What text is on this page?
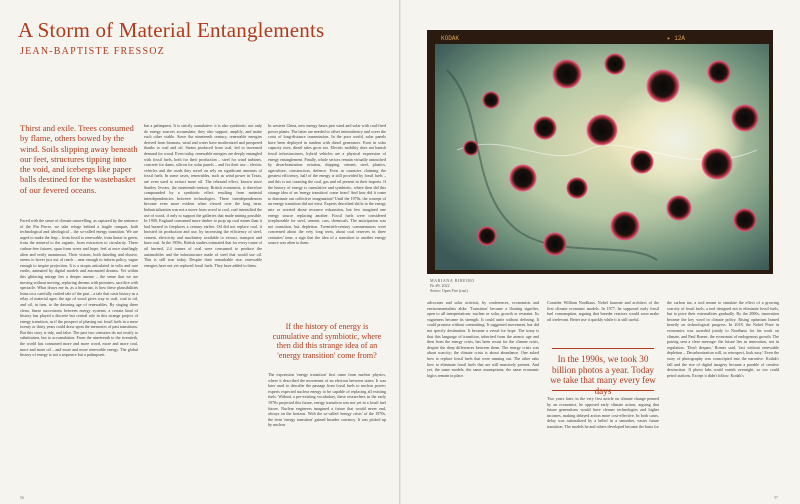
A Storm of Material Entanglements
JEAN-BAPTISTE FRESSOZ
Thirst and exile. Trees consumed by flame, others bowed by the wind. Soils slipping away beneath our feet, structures tipping into the void, and icebergs like paper balls destined for the wastebasket of our fevered oceans.
Faced with the sense of climate unravelling, as captured by the sentence of the Pin Pierre, we take refuge behind a fragile rampart, both technological and ideological – the so-called energy transition. We are urged to make the leap – from fossil to renewable, from linear to green, from the mineral to the organic, from extraction to circularity. These carbon-free futures, spun from wires and hope, feel at once startlingly alien and eerily unanimous. Their visions, both dazzling and elusive, seems to hover just out of reach – near enough to inform policy, vague enough to inspire projection. It is a utopia articulated in volts and rare earths, animated by digital models and automated dreams. Yet within this glittering mirage lies a deeper unease – the sense that we are moving without moving, replacing dreams with promises, sacrifice with spectacle. What draws me in, as a historian, is how these plausibilities leans on a carefully crafted tale of the past – a tale that casts history as a relay of material ages: the age of wood gives way to coal, coal to oil, and oil, in turn, to the dawning age of renewables. By staging these clean, linear successions between energy systems, a certain kind of history has played a discrete but central role in this strange project of energy transition, as if the prospect of phasing out fossil fuels in a mere twenty or thirty years could draw upon the memories of past transitions. But this story is tidy, and false. The past two centuries do not testify to substitution, but to accumulation. From the nineteenth to the twentieth, the world has consumed more and more wood, more and more coal, more and more oil – and more and more renewable energy. The global history of energy is not a sequence but a palimpsest.
but a palimpsest. It is strictly cumulative: it is also symbiotic: not only do energy sources accumulate, they also support, amplify, and make each other viable. Since the nineteenth century, renewable energies derived from biomass, wind and water have modernized and prospered thanks to coal and oil. Steam produced from coal, fed to increased demand for wood. Even today, renewable energies are deeply entangled with fossil fuels, both for their production – steel for wind turbines, concrete for dams, silicon for solar panels – and for their use – electric vehicles and the roads they travel on rely on significant amounts of fossil fuels. In some cases, renewables, such as wind power in Texas, are even used to extract more oil. The rebound effect, known since Stanley Jevons, the nineteenth-century British economist, is therefore compounded by a symbiotic effect resulting from material interdependencies between technologies. These interdependencies become even more evident when viewed over the long term. Industrialization was not a move from wood to coal, coal intensified the use of wood, if only to support the galleries that made mining possible. In 1900, England consumed more timber to prop up coal mines than it had burned in fireplaces a century earlier. Oil did not replace coal, it boosted its production and use, by increasing the efficiency of steel, cement, electricity and machinery available to extract, transport and burn coal. In the 1950s, British studies estimated that for every tonne of oil burned, 2.4 tonnes of coal were consumed to produce the automobiles and the infrastructure made of steel that would use oil. This is still true today. Despite their remarkable rise, renewable energies have not yet replaced fossil fuels. They have added to them.
In western China, new energy bases pair wind and solar with coal-fired power plants. The latter are needed to offset intermittency and cover the costs of long-distance transmission. In the poor world, solar panels have been deployed in tandem with diesel generators. Even in solar capacity rises, diesel sales grow too. Electric mobility does not banish fossil infrastructures, hybrid vehicles are a physical expression of energy entanglement. Finally, whole sectors remain virtually untouched by decarbonization: aviation, shipping, cement, steel, plastics, agriculture, construction, defence. Even in countries claiming the greatest efficiency, half of the energy is still provided by fossil fuels – and this is not counting the coal, gas and oil present in their imports. If the history of energy is cumulative and symbiotic, where then did this strange idea of an 'energy transition' come from? And how did it come to dominate our collective imagination? Until the 1970s, the concept of an energy transition did not exist. Experts described shifts in the energy mix or worried about resource exhaustion, but few imagined one energy source replacing another. Fossil fuels were considered irreplaceable for steel, cement, cars, chemicals. The anticipation was not transition, but depletion. Twentieth-century commentators were concerned about the very long term, about coal reserves in three centuries' time, a sign that the idea of a transition to another energy source was alien to them.
If the history of energy is cumulative and symbiotic, where then did this strange idea of an 'energy transition' come from?
The expression 'energy transition' first came from nuclear physics, where it described the movement of an electron between states. It was later used to describe the passage from fossil fuels to nuclear power; experts expected nuclear energy to be capable of replacing all existing fuels. Without a pre-existing vocabulary, these researchers in the early 1970s projected this future, energy transition was not yet in a fossil fuel future. Nuclear engineers imagined a future that would never end, always on the horizon. With the so-called 'energy crisis' of the 1970s, the term 'energy transition' gained broader currency. It was picked up by nuclear
56	57
KODAK	▸ 12A
MARIANA BIBEIRO
Fit #9, 2022
Series: Open Fire (rust)
advocates and solar activists, by conferences, economists and environmentalists alike. 'Transition' became a floating signifier, open to all interpretations: nuclear or solar, growth or restraint. Its vagueness became its strength. It could unite without defining. It could promise without committing. It suggested movement, but did not specify destination. It became a vessel for hope. The irony is that this language of transition, inherited from the atomic age and then from the energy crisis, has been recast for the climate crisis, despite the deep differences between them. The energy crisis was about scarcity; the climate crisis is about abundance. One asked how to replace fossil fuels that were running out. The other asks how to eliminate fossil fuels that are still massively present. And yet, the same models, the same assumptions, the same economic logics remain in place.
Consider William Nordhaus, Nobel laureate and architect of the first climate economic models. In 1977, he supposed early fossil fuel consumption, arguing that breeder reactors would soon make oil irrelevant. Better use it quickly while it is still useful.
In the 1990s, we took 30 billion photos a year. Today we take that many every few
Two years later, in the very first article on climate change penned by an economist, he opposed early climate action, arguing that future generations would have cleaner technologies and higher incomes, making delayed action more cost-effective. In both cases, delay was rationalized by a belief in a smoother, easier future transition. The models he and others developed became the basis for
the carbon tax, a tool meant to simulate the effect of a growing scarcity of fossil fuels, a tool designed not to eliminate fossil fuels, but to price their externalities gradually. By the 2000s, innovation became the key word in climate policy. Rising optimism leaned heavily on technological progress. In 2018, the Nobel Prize in economics was awarded jointly to Nordhaus for his work on climate, and Paul Romer, the economist of endogenous growth. The pairing sent a clear message: the future lies in innovation, not in regulation. 'Don't despair,' Romer said, 'fast without renewable depletion – Decarbonization will, in retrospect, look easy.' Even the story of photography was conscripted into the narrative. Kodak's fall and the rise of digital imagery became a parable of creative destruction. If photo labs could vanish overnight, so too could petrol stations. Except it didn't follow. Kodak's
